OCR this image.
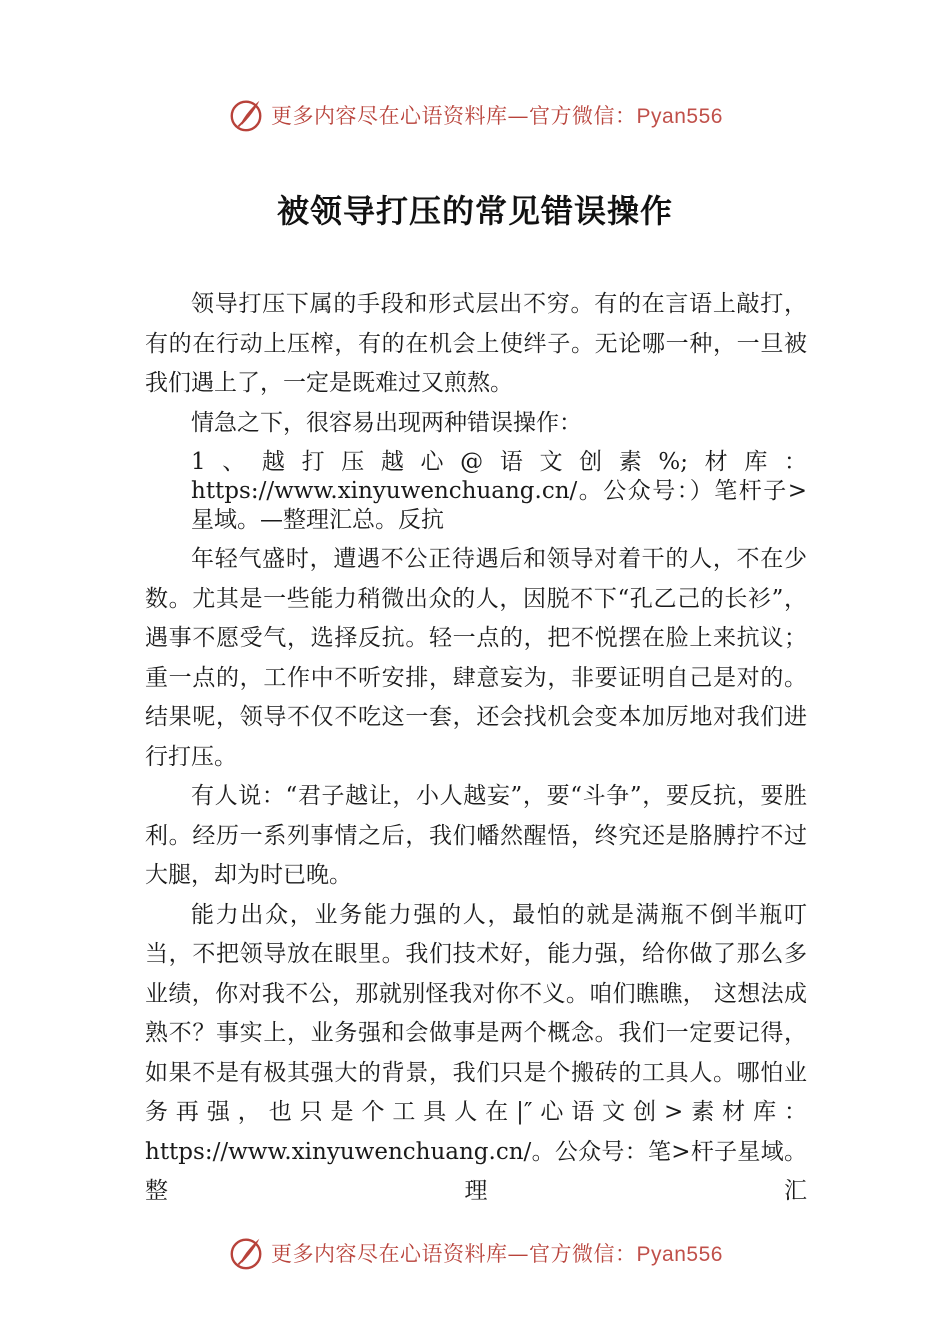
更多内容尽在心语资料库—官方微信：Pyan556
被领导打压的常见错误操作

领导打压下属的手段和形式层出不穷。有的在言语上敲打，有的在行动上压榨，有的在机会上使绊子。无论哪一种，一旦被我们遇上了，一定是既难过又煎熬。

情急之下，很容易出现两种错误操作：

1、越打压越心@语文创素%;材库：https://www.xinyuwenchuang.cn/。公众号：）笔杆子>星域。—整理汇总。反抗

年轻气盛时，遭遇不公正待遇后和领导对着干的人，不在少数。尤其是一些能力稍微出众的人，因脱不下“孔乙己的长衫”，遇事不愿受气，选择反抗。轻一点的，把不悦摆在脸上来抗议；重一点的，工作中不听安排，肆意妄为，非要证明自己是对的。结果呢，领导不仅不吃这一套，还会找机会变本加厉地对我们进行打压。

有人说：“君子越让，小人越妄”，要“斗争”，要反抗，要胜利。经历一系列事情之后，我们幡然醒悟，终究还是胳膊拧不过大腿，却为时已晚。

能力出众，业务能力强的人，最怕的就是满瓶不倒半瓶叮当，不把领导放在眼里。我们技术好，能力强，给你做了那么多业绩，你对我不公，那就别怪我对你不义。咱们瞧瞧， 这想法成熟不？事实上，业务强和会做事是两个概念。我们一定要记得，如果不是有极其强大的背景，我们只是个搬砖的工具人。哪怕业务再强，也只是个工具人在|″心语文创>素材库：https://www.xinyuwenchuang.cn/。公众号：笔>杆子星域。整理汇

更多内容尽在心语资料库—官方微信：Pyan556
